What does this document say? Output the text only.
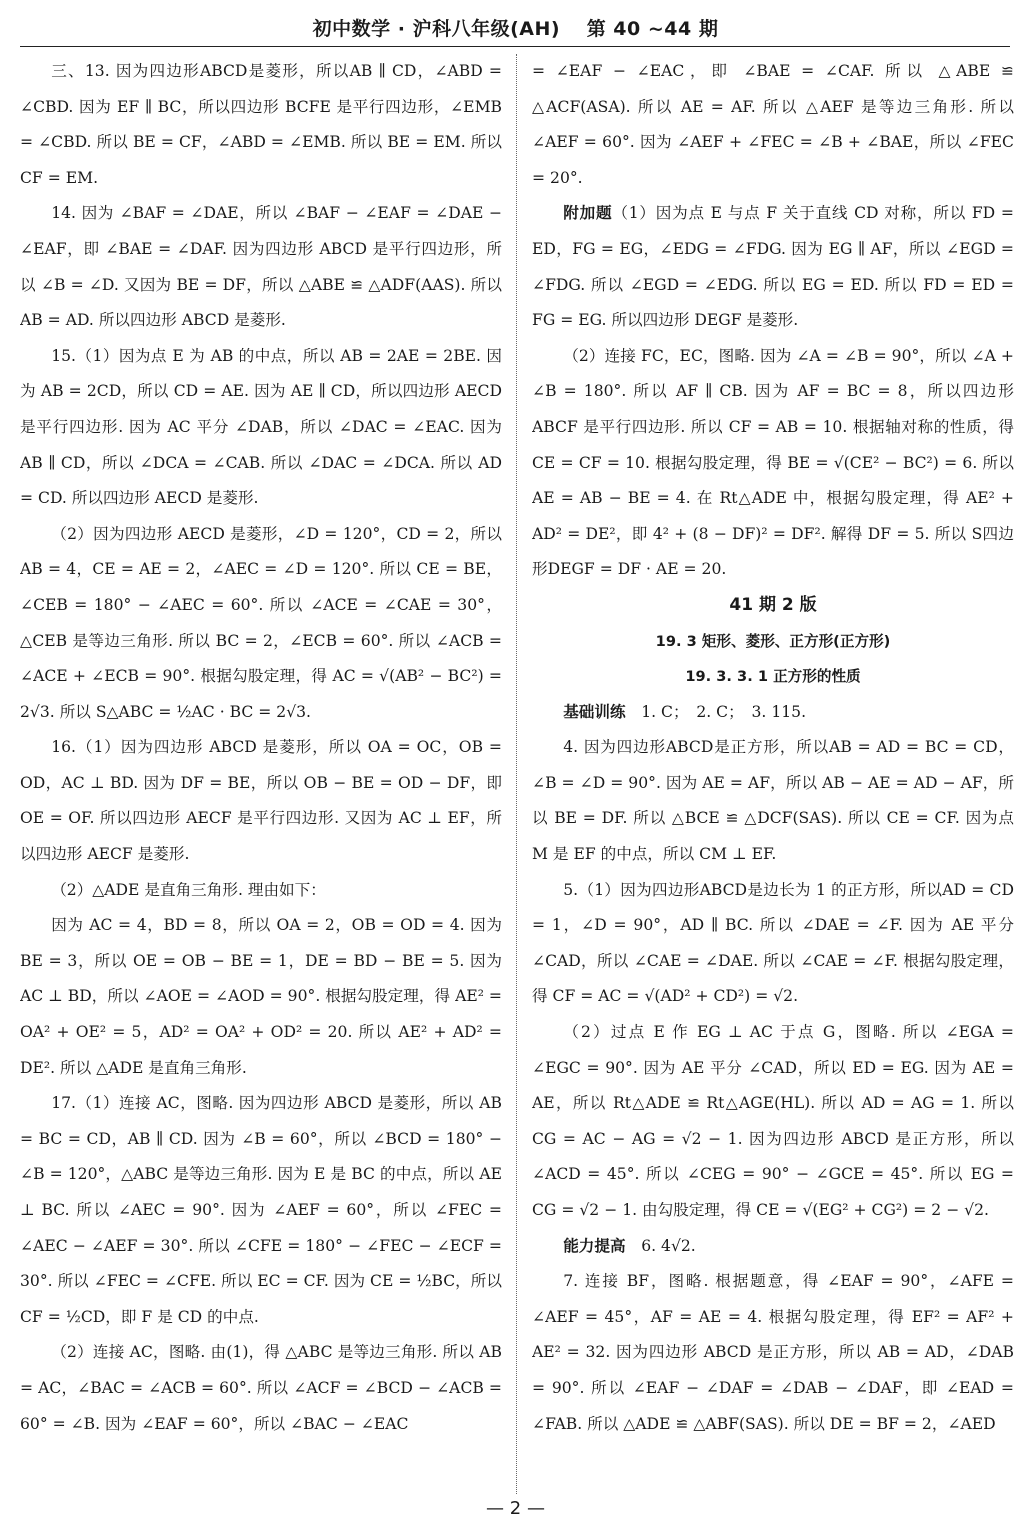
初中数学 · 沪科八年级(AH)　 第 40 ~44 期

三、13. 因为四边形ABCD是菱形，所以AB ∥ CD，∠ABD = ∠CBD. 因为 EF ∥ BC，所以四边形 BCFE 是平行四边形，∠EMB = ∠CBD. 所以 BE = CF，∠ABD = ∠EMB. 所以 BE = EM. 所以 CF = EM.

14. 因为 ∠BAF = ∠DAE，所以 ∠BAF − ∠EAF = ∠DAE − ∠EAF，即 ∠BAE = ∠DAF. 因为四边形 ABCD 是平行四边形，所以 ∠B = ∠D. 又因为 BE = DF，所以 △ABE ≌ △ADF(AAS). 所以 AB = AD. 所以四边形 ABCD 是菱形.

15.（1）因为点 E 为 AB 的中点，所以 AB = 2AE = 2BE. 因为 AB = 2CD，所以 CD = AE. 因为 AE ∥ CD，所以四边形 AECD 是平行四边形. 因为 AC 平分 ∠DAB，所以 ∠DAC = ∠EAC. 因为 AB ∥ CD，所以 ∠DCA = ∠CAB. 所以 ∠DAC = ∠DCA. 所以 AD = CD. 所以四边形 AECD 是菱形.

（2）因为四边形 AECD 是菱形，∠D = 120°，CD = 2，所以 AB = 4，CE = AE = 2，∠AEC = ∠D = 120°. 所以 CE = BE，∠CEB = 180° − ∠AEC = 60°. 所以 ∠ACE = ∠CAE = 30°，△CEB 是等边三角形. 所以 BC = 2，∠ECB = 60°. 所以 ∠ACB = ∠ACE + ∠ECB = 90°. 根据勾股定理，得 AC = √(AB² − BC²) = 2√3. 所以 S△ABC = ½AC · BC = 2√3.

16.（1）因为四边形 ABCD 是菱形，所以 OA = OC，OB = OD，AC ⊥ BD. 因为 DF = BE，所以 OB − BE = OD − DF，即 OE = OF. 所以四边形 AECF 是平行四边形. 又因为 AC ⊥ EF，所以四边形 AECF 是菱形.

（2）△ADE 是直角三角形. 理由如下：

因为 AC = 4，BD = 8，所以 OA = 2，OB = OD = 4. 因为 BE = 3，所以 OE = OB − BE = 1，DE = BD − BE = 5. 因为 AC ⊥ BD，所以 ∠AOE = ∠AOD = 90°. 根据勾股定理，得 AE² = OA² + OE² = 5，AD² = OA² + OD² = 20. 所以 AE² + AD² = DE². 所以 △ADE 是直角三角形.

17.（1）连接 AC，图略. 因为四边形 ABCD 是菱形，所以 AB = BC = CD，AB ∥ CD. 因为 ∠B = 60°，所以 ∠BCD = 180° − ∠B = 120°，△ABC 是等边三角形. 因为 E 是 BC 的中点，所以 AE ⊥ BC. 所以 ∠AEC = 90°. 因为 ∠AEF = 60°，所以 ∠FEC = ∠AEC − ∠AEF = 30°. 所以 ∠CFE = 180° − ∠FEC − ∠ECF = 30°. 所以 ∠FEC = ∠CFE. 所以 EC = CF. 因为 CE = ½BC，所以 CF = ½CD，即 F 是 CD 的中点.

（2）连接 AC，图略. 由(1)，得 △ABC 是等边三角形. 所以 AB = AC，∠BAC = ∠ACB = 60°. 所以 ∠ACF = ∠BCD − ∠ACB = 60° = ∠B. 因为 ∠EAF = 60°，所以 ∠BAC − ∠EAC

= ∠EAF − ∠EAC，即 ∠BAE = ∠CAF. 所以 △ABE ≌ △ACF(ASA). 所以 AE = AF. 所以 △AEF 是等边三角形. 所以 ∠AEF = 60°. 因为 ∠AEF + ∠FEC = ∠B + ∠BAE，所以 ∠FEC = 20°.

附加题（1）因为点 E 与点 F 关于直线 CD 对称，所以 FD = ED，FG = EG，∠EDG = ∠FDG. 因为 EG ∥ AF，所以 ∠EGD = ∠FDG. 所以 ∠EGD = ∠EDG. 所以 EG = ED. 所以 FD = ED = FG = EG. 所以四边形 DEGF 是菱形.

（2）连接 FC，EC，图略. 因为 ∠A = ∠B = 90°，所以 ∠A + ∠B = 180°. 所以 AF ∥ CB. 因为 AF = BC = 8，所以四边形 ABCF 是平行四边形. 所以 CF = AB = 10. 根据轴对称的性质，得 CE = CF = 10. 根据勾股定理，得 BE = √(CE² − BC²) = 6. 所以 AE = AB − BE = 4. 在 Rt△ADE 中，根据勾股定理，得 AE² + AD² = DE²，即 4² + (8 − DF)² = DF². 解得 DF = 5. 所以 S四边形DEGF = DF · AE = 20.

41 期 2 版

19. 3 矩形、菱形、正方形(正方形)

19. 3. 3. 1 正方形的性质

基础训练　 1. C；　2. C；　3. 115.

4. 因为四边形ABCD是正方形，所以AB = AD = BC = CD，∠B = ∠D = 90°. 因为 AE = AF，所以 AB − AE = AD − AF，所以 BE = DF. 所以 △BCE ≌ △DCF(SAS). 所以 CE = CF. 因为点 M 是 EF 的中点，所以 CM ⊥ EF.

5.（1）因为四边形ABCD是边长为 1 的正方形，所以AD = CD = 1，∠D = 90°，AD ∥ BC. 所以 ∠DAE = ∠F. 因为 AE 平分 ∠CAD，所以 ∠CAE = ∠DAE. 所以 ∠CAE = ∠F. 根据勾股定理，得 CF = AC = √(AD² + CD²) = √2.

（2）过点 E 作 EG ⊥ AC 于点 G，图略. 所以 ∠EGA = ∠EGC = 90°. 因为 AE 平分 ∠CAD，所以 ED = EG. 因为 AE = AE，所以 Rt△ADE ≌ Rt△AGE(HL). 所以 AD = AG = 1. 所以 CG = AC − AG = √2 − 1. 因为四边形 ABCD 是正方形，所以 ∠ACD = 45°. 所以 ∠CEG = 90° − ∠GCE = 45°. 所以 EG = CG = √2 − 1. 由勾股定理，得 CE = √(EG² + CG²) = 2 − √2.

能力提高　 6. 4√2.

7. 连接 BF，图略. 根据题意，得 ∠EAF = 90°，∠AFE = ∠AEF = 45°，AF = AE = 4. 根据勾股定理，得 EF² = AF² + AE² = 32. 因为四边形 ABCD 是正方形，所以 AB = AD，∠DAB = 90°. 所以 ∠EAF − ∠DAF = ∠DAB − ∠DAF，即 ∠EAD = ∠FAB. 所以 △ADE ≌ △ABF(SAS). 所以 DE = BF = 2，∠AED

— 2 —
